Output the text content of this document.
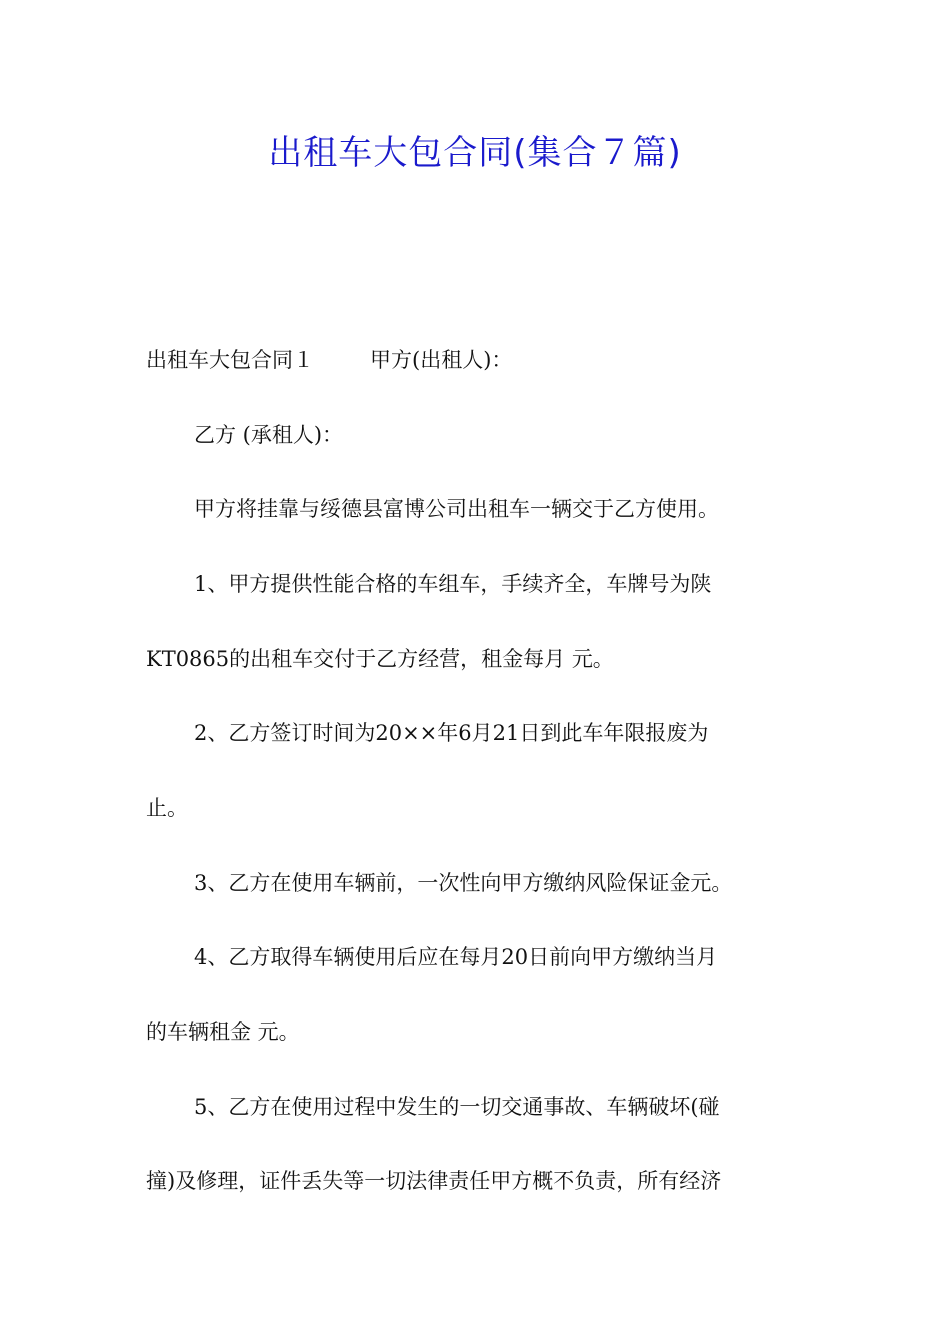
出租车大包合同(集合７篇)

出租车大包合同１	甲方(出租人)：

乙方 (承租人)：

甲方将挂靠与绥德县富博公司出租车一辆交于乙方使用。

1、甲方提供性能合格的车组车，手续齐全，车牌号为陕

KT0865的出租车交付于乙方经营，租金每月 元。

2、乙方签订时间为20××年6月21日到此车年限报废为

止。

3、乙方在使用车辆前，一次性向甲方缴纳风险保证金元。

4、乙方取得车辆使用后应在每月20日前向甲方缴纳当月

的车辆租金 元。

5、乙方在使用过程中发生的一切交通事故、车辆破坏(碰

撞)及修理，证件丢失等一切法律责任甲方概不负责，所有经济
